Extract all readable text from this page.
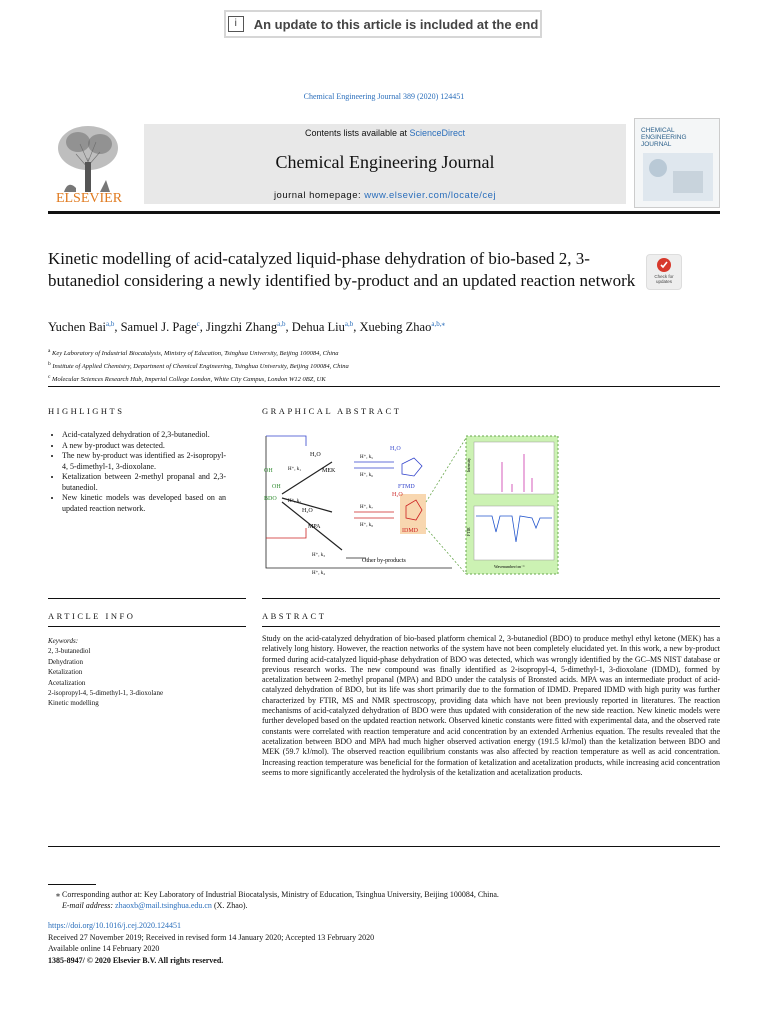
i	An update to this article is included at the end
Chemical Engineering Journal 389 (2020) 124451
ELSEVIER
Contents lists available at ScienceDirect
Chemical Engineering Journal
journal homepage: www.elsevier.com/locate/cej
CHEMICAL
ENGINEERING
JOURNAL
Kinetic modelling of acid-catalyzed liquid-phase dehydration of bio-based 2, 3-butanediol considering a newly identified by-product and an updated reaction network	Check for
updates
Yuchen Bai$^{a,b}$, Samuel J. Page$^c$, Jingzhi Zhang$^{a,b}$, Dehua Liu$^{a,b}$, Xuebing Zhao$^{a,b,⁎}$
$^a$ Key Laboratory of Industrial Biocatalysis, Ministry of Education, Tsinghua University, Beijing 100084, China
$^b$ Institute of Applied Chemistry, Department of Chemical Engineering, Tsinghua University, Beijing 100084, China
$^c$ Molecular Sciences Research Hub, Imperial College London, White City Campus, London W12 0BZ, UK
HIGHLIGHTS
• Acid-catalyzed dehydration of 2,3-butanediol.
• A new by-product was detected.
• The new by-product was identified as 2-isopropyl-4, 5-dimethyl-1, 3-dioxolane.
• Ketalization between 2-methyl propanal and 2,3-butanediol.
• New kinetic models was developed based on an updated reaction network.
GRAPHICAL ABSTRACT
OH
OH
BDO
H₂O
MEK
MPA
H₂O
H⁺, k₁
H⁺, k₂
H⁺, k₃
H⁺, k₄
H⁺, k₅
H⁺, k₆
H⁺, k₇
H⁺, k₈
Other by-products
H₂O
FTMD
H₂O
IDMD
Intensity
FTIR
Wavenumber/cm⁻¹
ARTICLE INFO	ABSTRACT
Keywords:
2, 3-butanediol
Dehydration
Ketalization
Acetalization
2-isopropyl-4, 5-dimethyl-1, 3-dioxolane
Kinetic modelling
Study on the acid-catalyzed dehydration of bio-based platform chemical 2, 3-butanediol (BDO) to produce methyl ethyl ketone (MEK) has a relatively long history. However, the reaction networks of the system have not been completely elucidated yet. In this work, a new by-product formed during acid-catalyzed liquid-phase dehydration of BDO was detected, which was wrongly identified by the GC–MS NIST database or previous research works. The new compound was finally identified as 2-isopropyl-4, 5-dimethyl-1, 3-dioxolane (IDMD), formed by acetalization between 2-methyl propanal (MPA) and BDO under the catalysis of Bronsted acids. MPA was an intermediate product of acid-catalyzed dehydration of BDO, but its life was short primarily due to the formation of IDMD. Prepared IDMD with high purity was further characterized by FTIR, MS and NMR spectroscopy, providing data which have not been previously reported in literatures. The reaction mechanisms of acid-catalyzed dehydration of BDO were thus updated with consideration of the new side reaction. New kinetic models were further developed based on the updated reaction network. Observed kinetic constants were fitted with experimental data, and the observed rate constants were correlated with reaction temperature and acid concentration by an extended Arrhenius equation. The results revealed that the acetalization between BDO and MPA had much higher observed activation energy (191.5 kJ/mol) than the ketalization between BDO and MEK (59.7 kJ/mol). The observed reaction equilibrium constants was also affected by reaction temperature as well as acid concentration. Increasing reaction temperature was beneficial for the formation of ketalization and acetalization products, while increasing acid concentration seems to more significantly accelerated the hydrolysis of the ketalization and acetalization products.
⁎ Corresponding author at: Key Laboratory of Industrial Biocatalysis, Ministry of Education, Tsinghua University, Beijing 100084, China.
E-mail address: zhaoxb@mail.tsinghua.edu.cn (X. Zhao).
https://doi.org/10.1016/j.cej.2020.124451
Received 27 November 2019; Received in revised form 14 January 2020; Accepted 13 February 2020
Available online 14 February 2020
1385-8947/ © 2020 Elsevier B.V. All rights reserved.
